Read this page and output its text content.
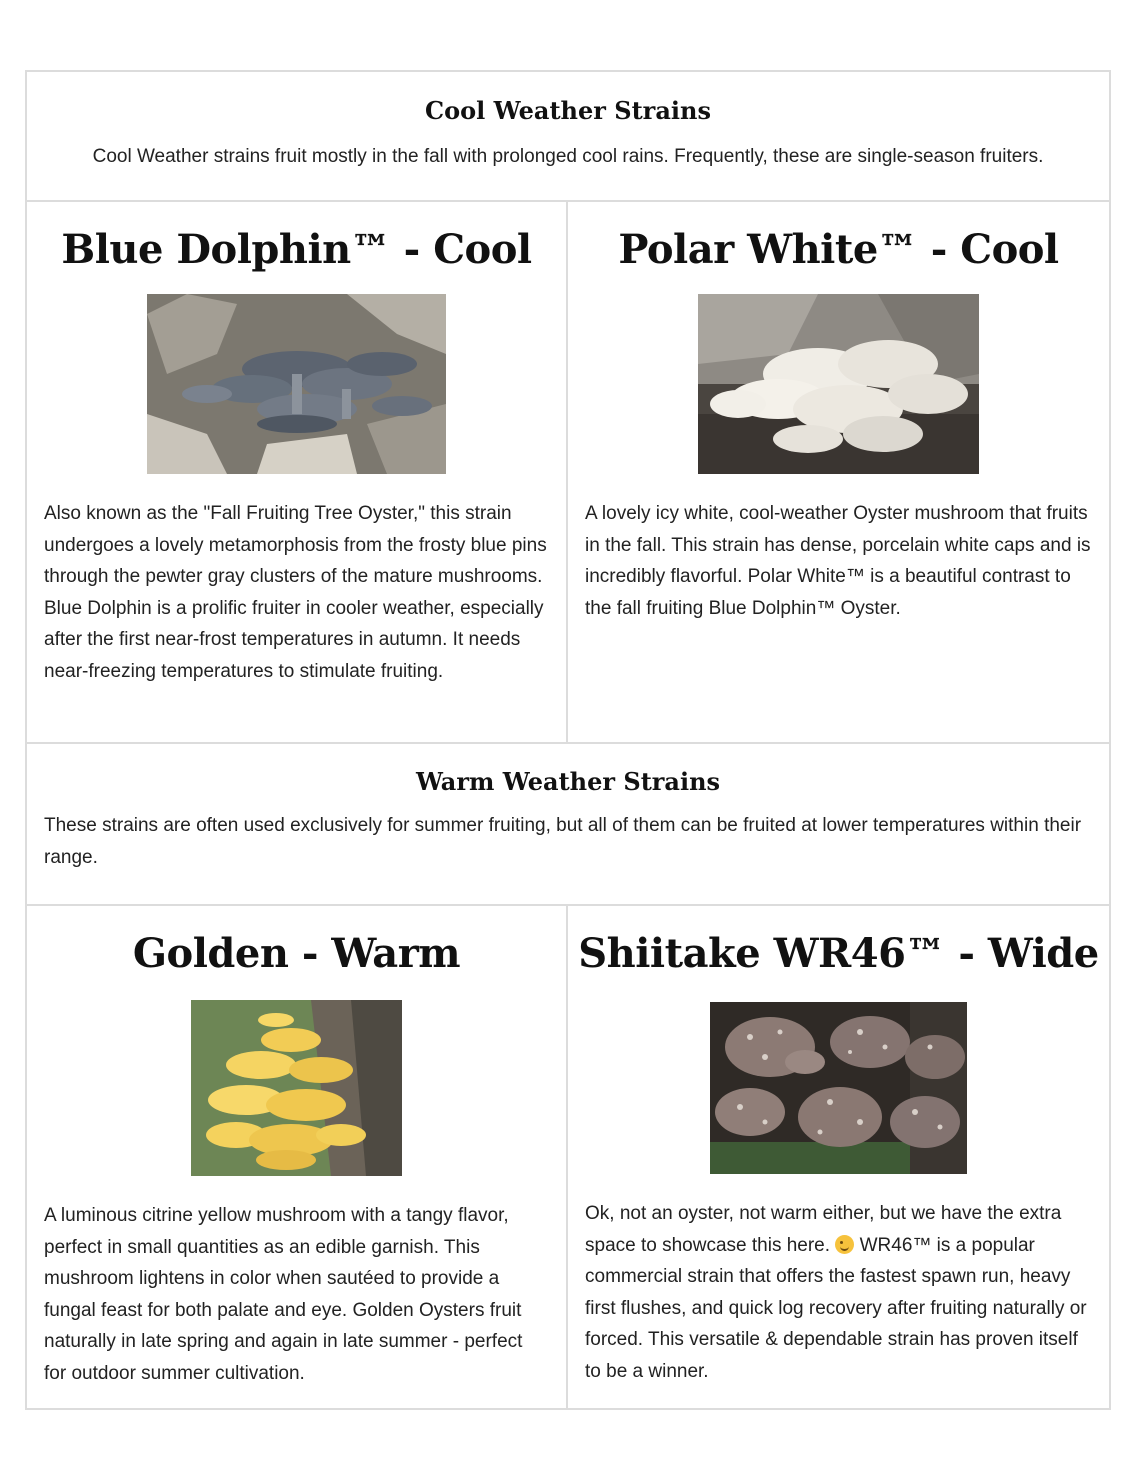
Cool Weather Strains

Cool Weather strains fruit mostly in the fall with prolonged cool rains. Frequently, these are single-season fruiters.

Blue Dolphin™ - Cool

Also known as the "Fall Fruiting Tree Oyster," this strain undergoes a lovely metamorphosis from the frosty blue pins through the pewter gray clusters of the mature mushrooms. Blue Dolphin is a prolific fruiter in cooler weather, especially after the first near-frost temperatures in autumn. It needs near-freezing temperatures to stimulate fruiting.

Polar White™ - Cool

A lovely icy white, cool-weather Oyster mushroom that fruits in the fall. This strain has dense, porcelain white caps and is incredibly flavorful. Polar White™ is a beautiful contrast to the fall fruiting Blue Dolphin™ Oyster.

Warm Weather Strains

These strains are often used exclusively for summer fruiting, but all of them can be fruited at lower temperatures within their range.

Golden - Warm

A luminous citrine yellow mushroom with a tangy flavor, perfect in small quantities as an edible garnish. This mushroom lightens in color when sautéed to provide a fungal feast for both palate and eye. Golden Oysters fruit naturally in late spring and again in late summer - perfect for outdoor summer cultivation.

Shiitake WR46™ - Wide

Ok, not an oyster, not warm either, but we have the extra space to showcase this here.  WR46™ is a popular commercial strain that offers the fastest spawn run, heavy first flushes, and quick log recovery after fruiting naturally or forced. This versatile & dependable strain has proven itself to be a winner.
